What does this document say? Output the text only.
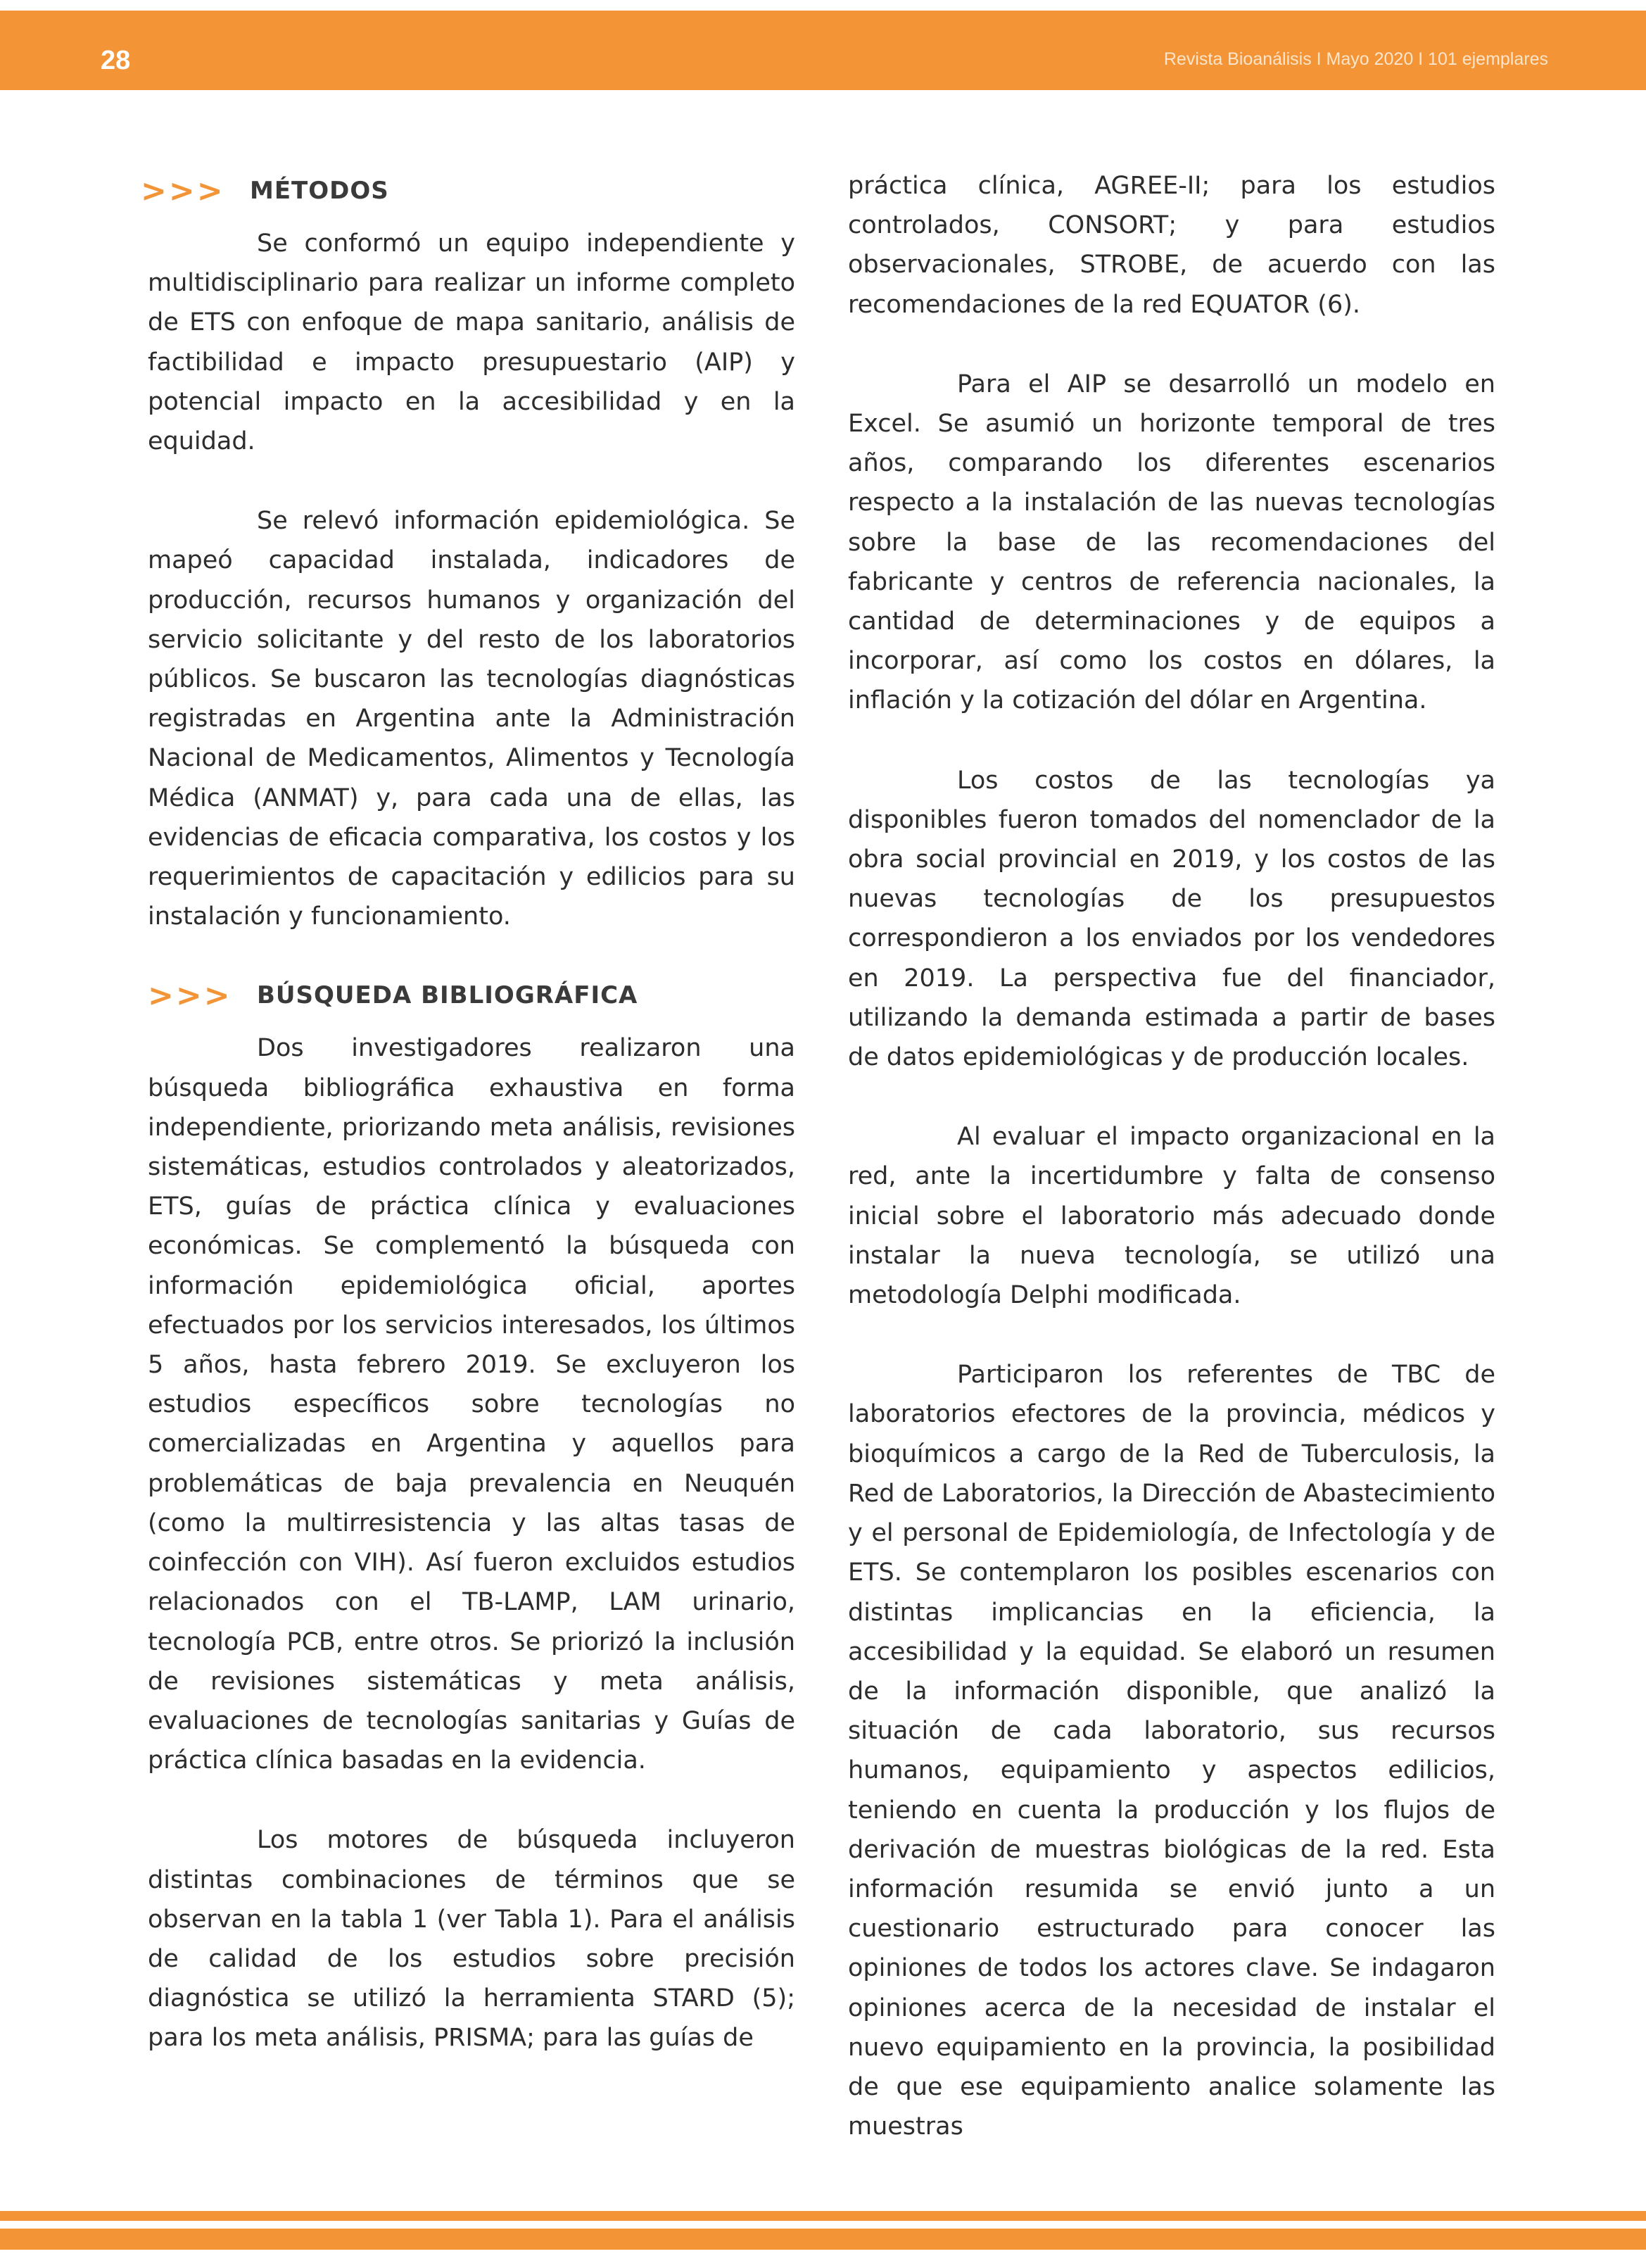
28	Revista Bioanálisis I Mayo 2020 I 101 ejemplares
>>>	MÉTODOS

Se conformó un equipo independiente y multidisciplinario para realizar un informe completo de ETS con enfoque de mapa sanitario, análisis de factibilidad e impacto presupuestario (AIP) y potencial impacto en la accesibilidad y en la equidad.

Se relevó información epidemiológica. Se mapeó capacidad instalada, indicadores de producción, recursos humanos y organización del servicio solicitante y del resto de los laboratorios públicos. Se buscaron las tecnologías diagnósticas registradas en Argentina ante la Administración Nacional de Medicamentos, Alimentos y Tecnología Médica (ANMAT) y, para cada una de ellas, las evidencias de eficacia comparativa, los costos y los requerimientos de capacitación y edilicios para su instalación y funcionamiento.

>>>	BÚSQUEDA BIBLIOGRÁFICA

Dos investigadores realizaron una búsqueda bibliográfica exhaustiva en forma independiente, priorizando meta análisis, revisiones sistemáticas, estudios controlados y aleatorizados, ETS, guías de práctica clínica y evaluaciones económicas. Se complementó la búsqueda con información epidemiológica oficial, aportes efectuados por los servicios interesados, los últimos 5 años, hasta febrero 2019. Se excluyeron los estudios específicos sobre tecnologías no comercializadas en Argentina y aquellos para problemáticas de baja prevalencia en Neuquén (como la multirresistencia y las altas tasas de coinfección con VIH). Así fueron excluidos estudios relacionados con el TB-LAMP, LAM urinario, tecnología PCB, entre otros. Se priorizó la inclusión de revisiones sistemáticas y meta análisis, evaluaciones de tecnologías sanitarias y Guías de práctica clínica basadas en la evidencia.

Los motores de búsqueda incluyeron distintas combinaciones de términos que se observan en la tabla 1 (ver Tabla 1). Para el análisis de calidad de los estudios sobre precisión diagnóstica se utilizó la herramienta STARD (5); para los meta análisis, PRISMA; para las guías de

práctica clínica, AGREE-II; para los estudios controlados, CONSORT; y para estudios observacionales, STROBE, de acuerdo con las recomendaciones de la red EQUATOR (6).

Para el AIP se desarrolló un modelo en Excel. Se asumió un horizonte temporal de tres años, comparando los diferentes escenarios respecto a la instalación de las nuevas tecnologías sobre la base de las recomendaciones del fabricante y centros de referencia nacionales, la cantidad de determinaciones y de equipos a incorporar, así como los costos en dólares, la inflación y la cotización del dólar en Argentina.

Los costos de las tecnologías ya disponibles fueron tomados del nomenclador de la obra social provincial en 2019, y los costos de las nuevas tecnologías de los presupuestos correspondieron a los enviados por los vendedores en 2019. La perspectiva fue del financiador, utilizando la demanda estimada a partir de bases de datos epidemiológicas y de producción locales.

Al evaluar el impacto organizacional en la red, ante la incertidumbre y falta de consenso inicial sobre el laboratorio más adecuado donde instalar la nueva tecnología, se utilizó una metodología Delphi modificada.

Participaron los referentes de TBC de laboratorios efectores de la provincia, médicos y bioquímicos a cargo de la Red de Tuberculosis, la Red de Laboratorios, la Dirección de Abastecimiento y el personal de Epidemiología, de Infectología y de ETS. Se contemplaron los posibles escenarios con distintas implicancias en la eficiencia, la accesibilidad y la equidad. Se elaboró un resumen de la información disponible, que analizó la situación de cada laboratorio, sus recursos humanos, equipamiento y aspectos edilicios, teniendo en cuenta la producción y los flujos de derivación de muestras biológicas de la red. Esta información resumida se envió junto a un cuestionario estructurado para conocer las opiniones de todos los actores clave. Se indagaron opiniones acerca de la necesidad de instalar el nuevo equipamiento en la provincia, la posibilidad de que ese equipamiento analice solamente las muestras
